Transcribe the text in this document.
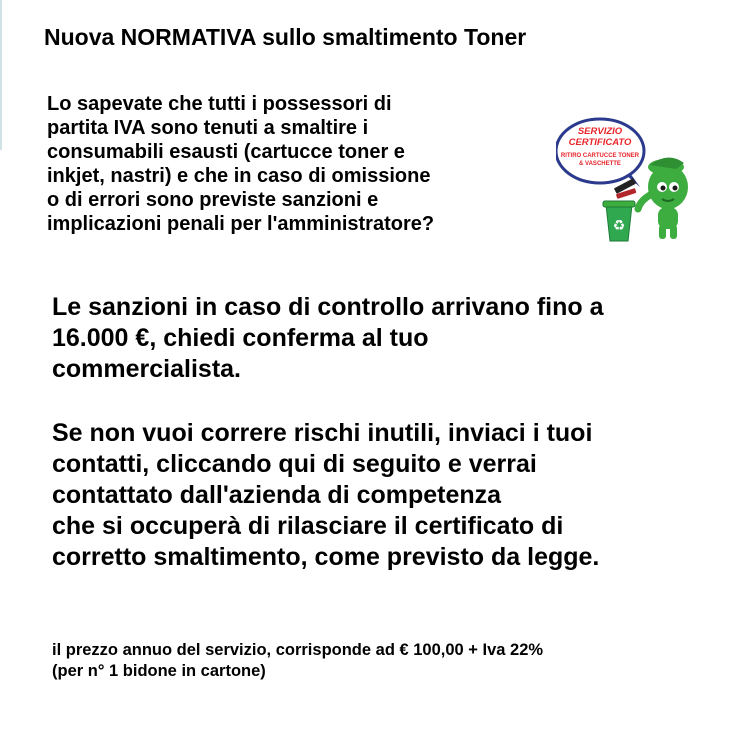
Nuova NORMATIVA sullo smaltimento Toner
Lo sapevate che tutti i possessori di
partita IVA sono tenuti a smaltire i
consumabili esausti (cartucce toner e
inkjet, nastri) e che in caso di omissione
o di errori sono previste sanzioni e
implicazioni penali per l'amministratore?
SERVIZIO
CERTIFICATO
RITIRO CARTUCCE TONER
& VASCHETTE
♻
Le sanzioni in caso di controllo arrivano fino a
16.000 €, chiedi conferma al tuo
commercialista.
Se non vuoi correre rischi inutili, inviaci i tuoi
contatti, cliccando qui di seguito e verrai
contattato dall'azienda di competenza
che si occuperà di rilasciare il certificato di
corretto smaltimento, come previsto da legge.
il prezzo annuo del servizio, corrisponde ad € 100,00 + Iva 22%
(per n° 1 bidone in cartone)
